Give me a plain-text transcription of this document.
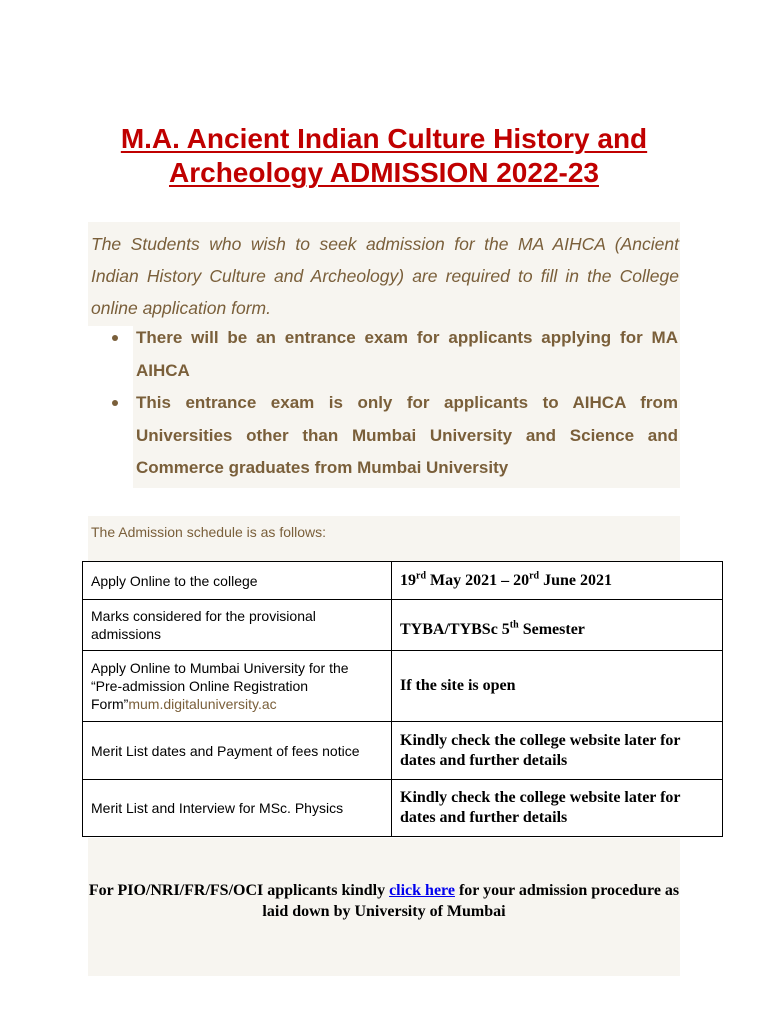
M.A. Ancient Indian Culture History and
Archeology ADMISSION 2022-23

The Students who wish to seek admission for the MA AIHCA (Ancient Indian History Culture and Archeology) are required to fill in the College online application form.

There will be an entrance exam for applicants applying for MA AIHCA
This entrance exam is only for applicants to AIHCA from Universities other than Mumbai University and Science and Commerce graduates from Mumbai University
The Admission schedule is as follows:
Apply Online to the college	19rd May 2021 – 20rd June 2021
Marks considered for the provisional admissions	TYBA/TYBSc 5th Semester
Apply Online to Mumbai University for the “Pre-admission Online Registration Form”mum.digitaluniversity.ac	If the site is open
Merit List dates and Payment of fees notice	Kindly check the college website later for dates and further details
Merit List and Interview for MSc. Physics	Kindly check the college website later for dates and further details
For PIO/NRI/FR/FS/OCI applicants kindly click here for your admission procedure as laid down by University of Mumbai
